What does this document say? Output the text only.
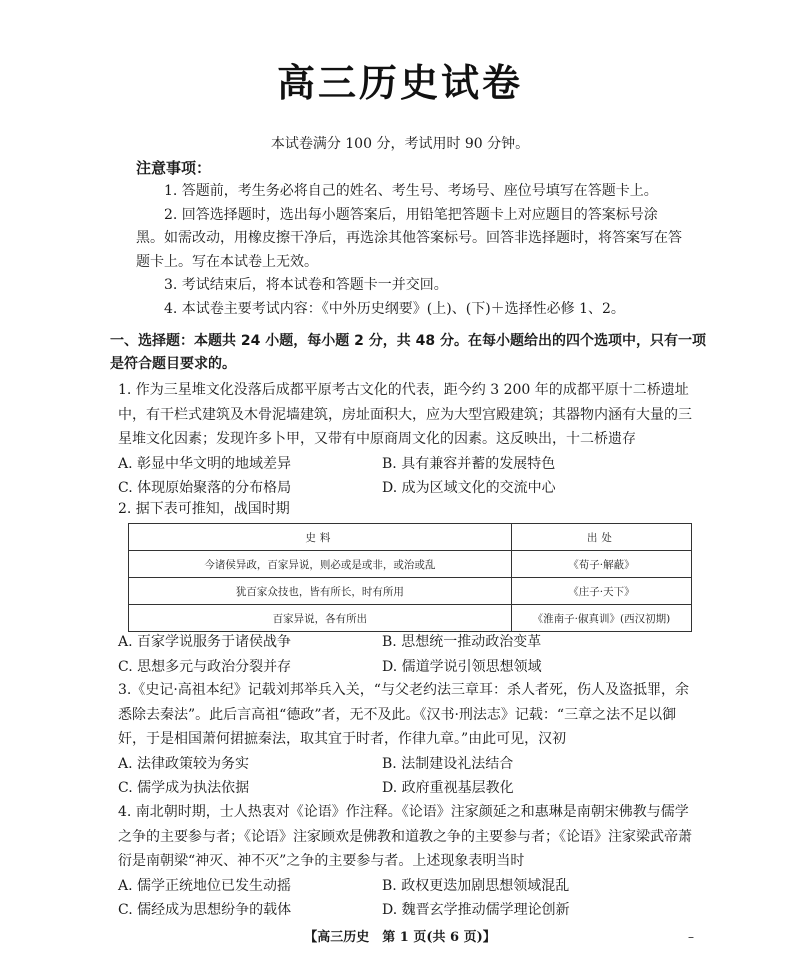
高三历史试卷
本试卷满分 100 分，考试用时 90 分钟。
注意事项：

1. 答题前，考生务必将自己的姓名、考生号、考场号、座位号填写在答题卡上。

2. 回答选择题时，选出每小题答案后，用铅笔把答题卡上对应题目的答案标号涂黑。如需改动，用橡皮擦干净后，再选涂其他答案标号。回答非选择题时，将答案写在答题卡上。写在本试卷上无效。

3. 考试结束后，将本试卷和答题卡一并交回。

4. 本试卷主要考试内容：《中外历史纲要》(上)、(下)＋选择性必修 1、2。

一、选择题：本题共 24 小题，每小题 2 分，共 48 分。在每小题给出的四个选项中，只有一项是符合题目要求的。

1. 作为三星堆文化没落后成都平原考古文化的代表，距今约 3 200 年的成都平原十二桥遗址中，有干栏式建筑及木骨泥墙建筑，房址面积大，应为大型宫殿建筑；其器物内涵有大量的三星堆文化因素；发现许多卜甲，又带有中原商周文化的因素。这反映出，十二桥遗存

A. 彰显中华文明的地域差异	B. 具有兼容并蓄的发展特色
C. 体现原始聚落的分布格局	D. 成为区域文化的交流中心

2. 据下表可推知，战国时期

史料	出处
今诸侯异政，百家异说，则必或是或非，或治或乱	《荀子·解蔽》
犹百家众技也，皆有所长，时有所用	《庄子·天下》
百家异说，各有所出	《淮南子·俶真训》(西汉初期)
A. 百家学说服务于诸侯战争	B. 思想统一推动政治变革
C. 思想多元与政治分裂并存	D. 儒道学说引领思想领域

3.《史记·高祖本纪》记载刘邦举兵入关，“与父老约法三章耳：杀人者死，伤人及盗抵罪，余悉除去秦法”。此后言高祖“德政”者，无不及此。《汉书·刑法志》记载：“三章之法不足以御奸，于是相国萧何捃摭秦法，取其宜于时者，作律九章。”由此可见，汉初

A. 法律政策较为务实	B. 法制建设礼法结合
C. 儒学成为执法依据	D. 政府重视基层教化

4. 南北朝时期，士人热衷对《论语》作注释。《论语》注家颜延之和惠琳是南朝宋佛教与儒学之争的主要参与者；《论语》注家顾欢是佛教和道教之争的主要参与者；《论语》注家梁武帝萧衍是南朝梁“神灭、神不灭”之争的主要参与者。上述现象表明当时

A. 儒学正统地位已发生动摇	B. 政权更迭加剧思想领域混乱
C. 儒经成为思想纷争的载体	D. 魏晋玄学推动儒学理论创新
【高三历史　第 1 页(共 6 页)】	–
